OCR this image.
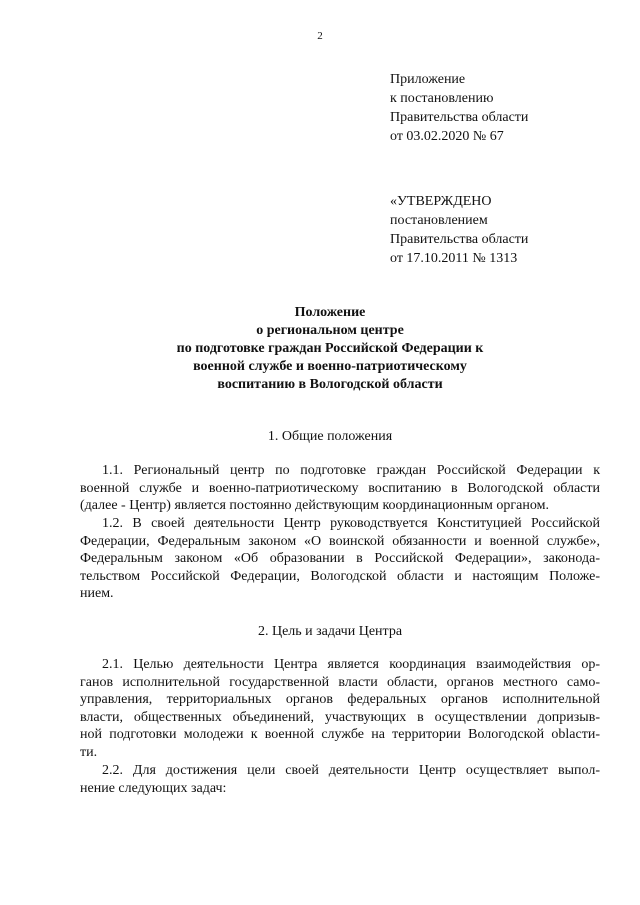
2
Приложение
к постановлению
Правительства области
от 03.02.2020 № 67
«УТВЕРЖДЕНО
постановлением
Правительства области
от 17.10.2011 № 1313
Положение
о региональном центре
по подготовке граждан Российской Федерации к
военной службе и военно-патриотическому
воспитанию в Вологодской области
1. Общие положения
1.1. Региональный центр по подготовке граждан Российской Федерации к
военной службе и военно-патриотическому воспитанию в Вологодской области
(далее - Центр) является постоянно действующим координационным органом.
1.2. В своей деятельности Центр руководствуется Конституцией Российской
Федерации, Федеральным законом «О воинской обязанности и военной службе»,
Федеральным законом «Об образовании в Российской Федерации», законода-
тельством Российской Федерации, Вологодской области и настоящим Положе-
нием.
2. Цель и задачи Центра
2.1. Целью деятельности Центра является координация взаимодействия ор-
ганов исполнительной государственной власти области, органов местного само-
управления, территориальных органов федеральных органов исполнительной
власти, общественных объединений, участвующих в осуществлении допризыв-
ной подготовки молодежи к военной службе на территории Вологодской oblасти-
ти.
2.2. Для достижения цели своей деятельности Центр осуществляет выпол-
нение следующих задач:
